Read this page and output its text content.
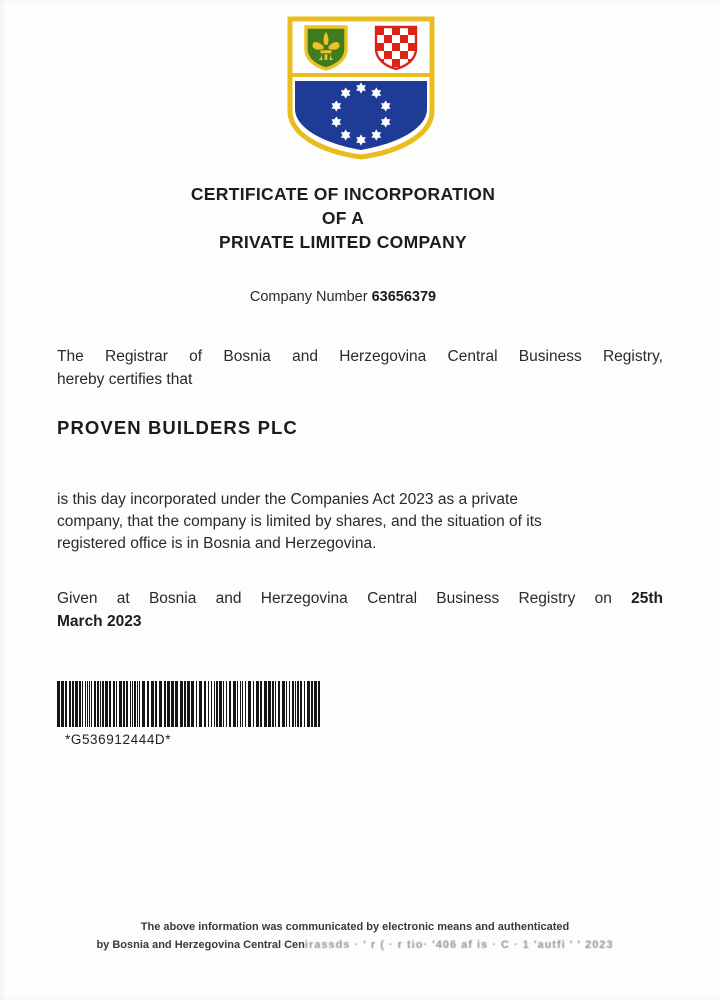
CERTIFICATE OF INCORPORATION
OF A
PRIVATE LIMITED COMPANY
Company Number 63656379
The Registrar of Bosnia and Herzegovina Central Business Registry,
hereby certifies that
PROVEN BUILDERS PLC
is this day incorporated under the Companies Act 2023 as a private
company, that the company is limited by shares, and the situation of its
registered office is in Bosnia and Herzegovina.
Given at Bosnia and Herzegovina Central Business Registry on 25th
March 2023
*G536912444D*
The above information was communicated by electronic means and authenticated
by Bosnia and Herzegovina Central Cenirassds · ' r ( · r tio· '406 af is · C · 1 'autfi ' ' 2023
